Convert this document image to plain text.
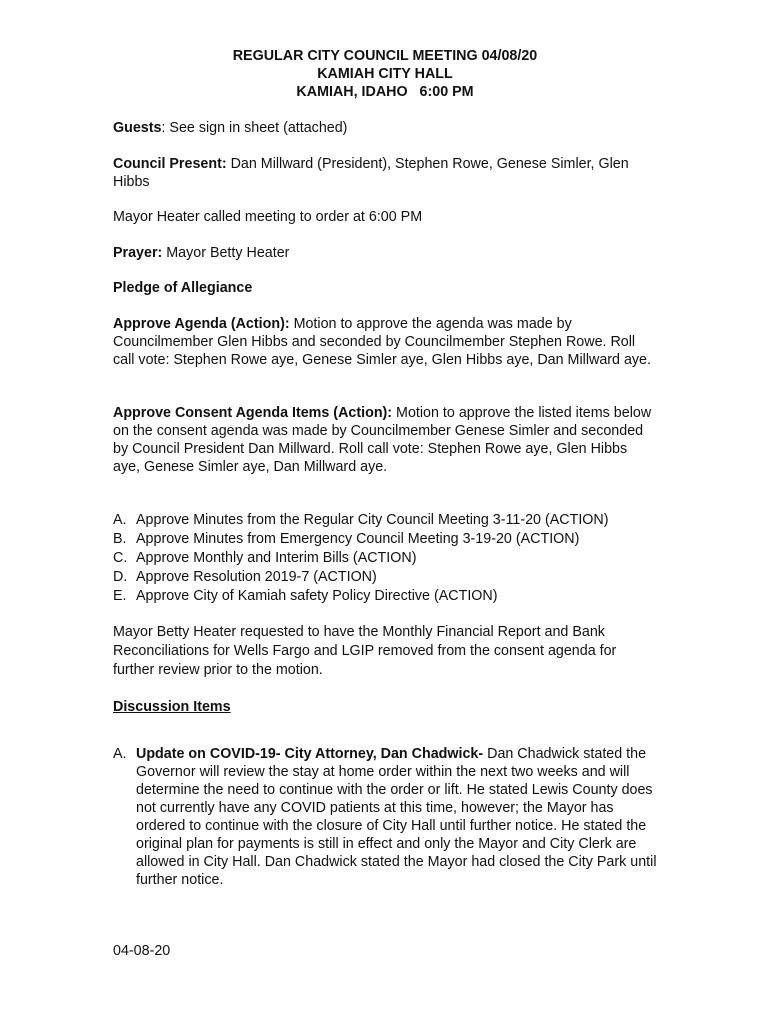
REGULAR CITY COUNCIL MEETING 04/08/20
KAMIAH CITY HALL
KAMIAH, IDAHO   6:00 PM

Guests: See sign in sheet (attached)

Council Present: Dan Millward (President), Stephen Rowe, Genese Simler, Glen Hibbs

Mayor Heater called meeting to order at 6:00 PM

Prayer: Mayor Betty Heater

Pledge of Allegiance

Approve Agenda (Action): Motion to approve the agenda was made by Councilmember Glen Hibbs and seconded by Councilmember Stephen Rowe. Roll call vote: Stephen Rowe aye, Genese Simler aye, Glen Hibbs aye, Dan Millward aye.

Approve Consent Agenda Items (Action): Motion to approve the listed items below on the consent agenda was made by Councilmember Genese Simler and seconded by Council President Dan Millward. Roll call vote: Stephen Rowe aye, Glen Hibbs aye, Genese Simler aye, Dan Millward aye.

A. Approve Minutes from the Regular City Council Meeting 3-11-20 (ACTION)
B. Approve Minutes from Emergency Council Meeting 3-19-20 (ACTION)
C. Approve Monthly and Interim Bills (ACTION)
D. Approve Resolution 2019-7 (ACTION)
E. Approve City of Kamiah safety Policy Directive (ACTION)

Mayor Betty Heater requested to have the Monthly Financial Report and Bank Reconciliations for Wells Fargo and LGIP removed from the consent agenda for further review prior to the motion.

Discussion Items

A. Update on COVID-19- City Attorney, Dan Chadwick- Dan Chadwick stated the Governor will review the stay at home order within the next two weeks and will determine the need to continue with the order or lift. He stated Lewis County does not currently have any COVID patients at this time, however; the Mayor has ordered to continue with the closure of City Hall until further notice. He stated the original plan for payments is still in effect and only the Mayor and City Clerk are allowed in City Hall. Dan Chadwick stated the Mayor had closed the City Park until further notice.
04-08-20
